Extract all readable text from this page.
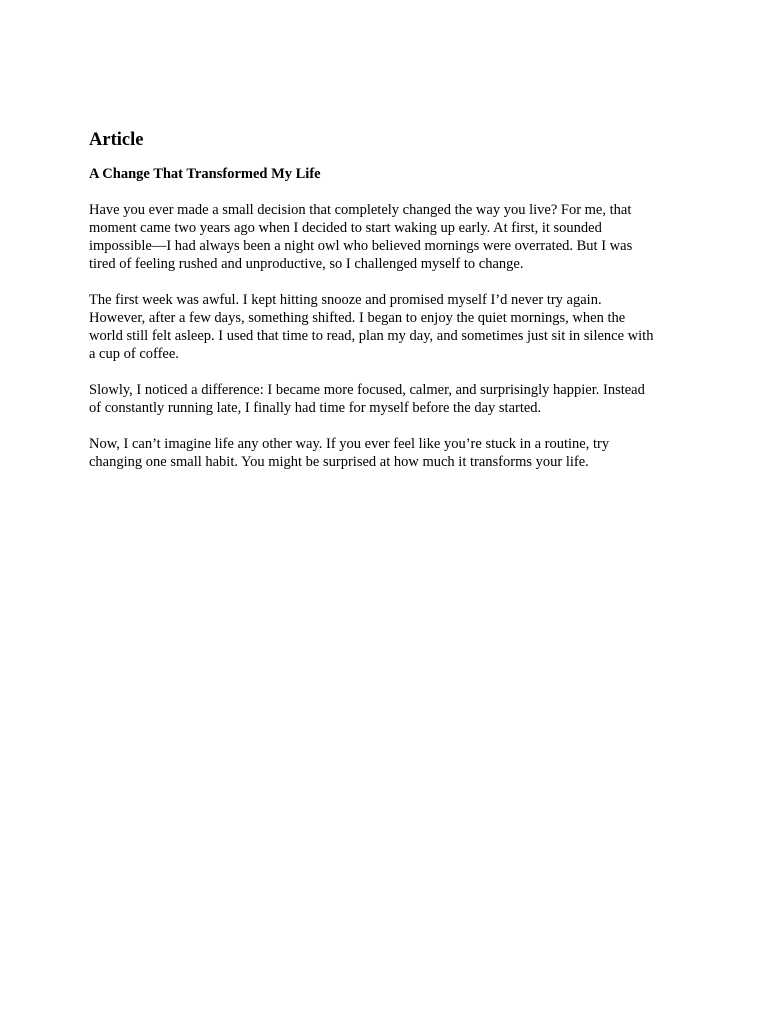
Article
A Change That Transformed My Life

Have you ever made a small decision that completely changed the way you live? For me, that
moment came two years ago when I decided to start waking up early. At first, it sounded
impossible—I had always been a night owl who believed mornings were overrated. But I was
tired of feeling rushed and unproductive, so I challenged myself to change.

The first week was awful. I kept hitting snooze and promised myself I’d never try again.
However, after a few days, something shifted. I began to enjoy the quiet mornings, when the
world still felt asleep. I used that time to read, plan my day, and sometimes just sit in silence with
a cup of coffee.

Slowly, I noticed a difference: I became more focused, calmer, and surprisingly happier. Instead
of constantly running late, I finally had time for myself before the day started.

Now, I can’t imagine life any other way. If you ever feel like you’re stuck in a routine, try
changing one small habit. You might be surprised at how much it transforms your life.
